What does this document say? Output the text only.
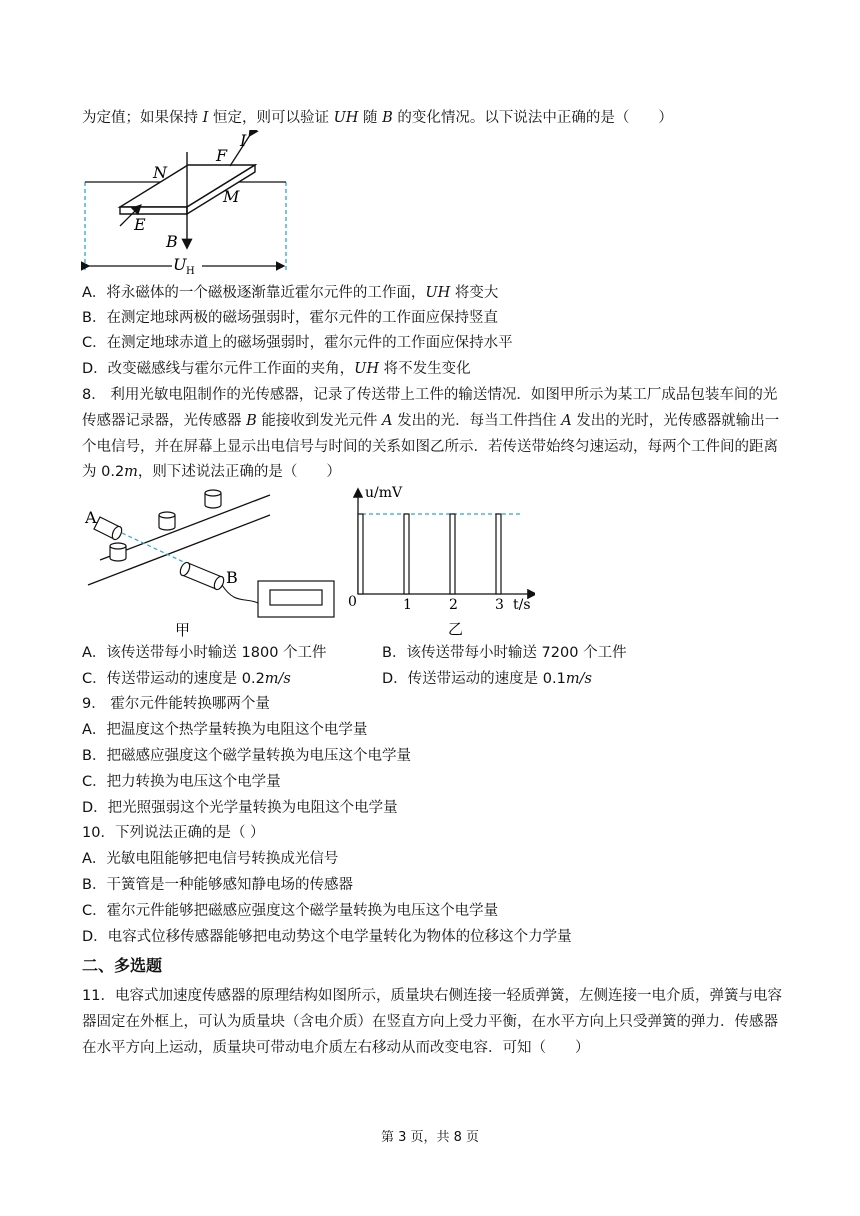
为定值；如果保持 I 恒定，则可以验证 UH 随 B 的变化情况。以下说法中正确的是（　　）
I
F
N
M
E
B
U H
A．将永磁体的一个磁极逐渐靠近霍尔元件的工作面，UH 将变大
B．在测定地球两极的磁场强弱时，霍尔元件的工作面应保持竖直
C．在测定地球赤道上的磁场强弱时，霍尔元件的工作面应保持水平
D．改变磁感线与霍尔元件工作面的夹角，UH 将不发生变化
8． 利用光敏电阻制作的光传感器，记录了传送带上工件的输送情况．如图甲所示为某工厂成品包装车间的光
传感器记录器，光传感器 B 能接收到发光元件 A 发出的光．每当工件挡住 A 发出的光时，光传感器就输出一
个电信号，并在屏幕上显示出电信号与时间的关系如图乙所示．若传送带始终匀速运动，每两个工件间的距离
为 0.2m，则下述说法正确的是（　　）
A
B
甲
u/mV
t/s
0	1	2	3
乙
A．该传送带每小时输送 1800 个工件	B．该传送带每小时输送 7200 个工件
C．传送带运动的速度是 0.2m/s	D．传送带运动的速度是 0.1m/s
9． 霍尔元件能转换哪两个量
A．把温度这个热学量转换为电阻这个电学量
B．把磁感应强度这个磁学量转换为电压这个电学量
C．把力转换为电压这个电学量
D．把光照强弱这个光学量转换为电阻这个电学量
10．下列说法正确的是（ ）
A．光敏电阻能够把电信号转换成光信号
B．干簧管是一种能够感知静电场的传感器
C．霍尔元件能够把磁感应强度这个磁学量转换为电压这个电学量
D．电容式位移传感器能够把电动势这个电学量转化为物体的位移这个力学量
二、多选题
11．电容式加速度传感器的原理结构如图所示，质量块右侧连接一轻质弹簧，左侧连接一电介质，弹簧与电容
器固定在外框上，可认为质量块（含电介质）在竖直方向上受力平衡，在水平方向上只受弹簧的弹力．传感器
在水平方向上运动，质量块可带动电介质左右移动从而改变电容．可知（　　）
第 3 页，共 8 页
